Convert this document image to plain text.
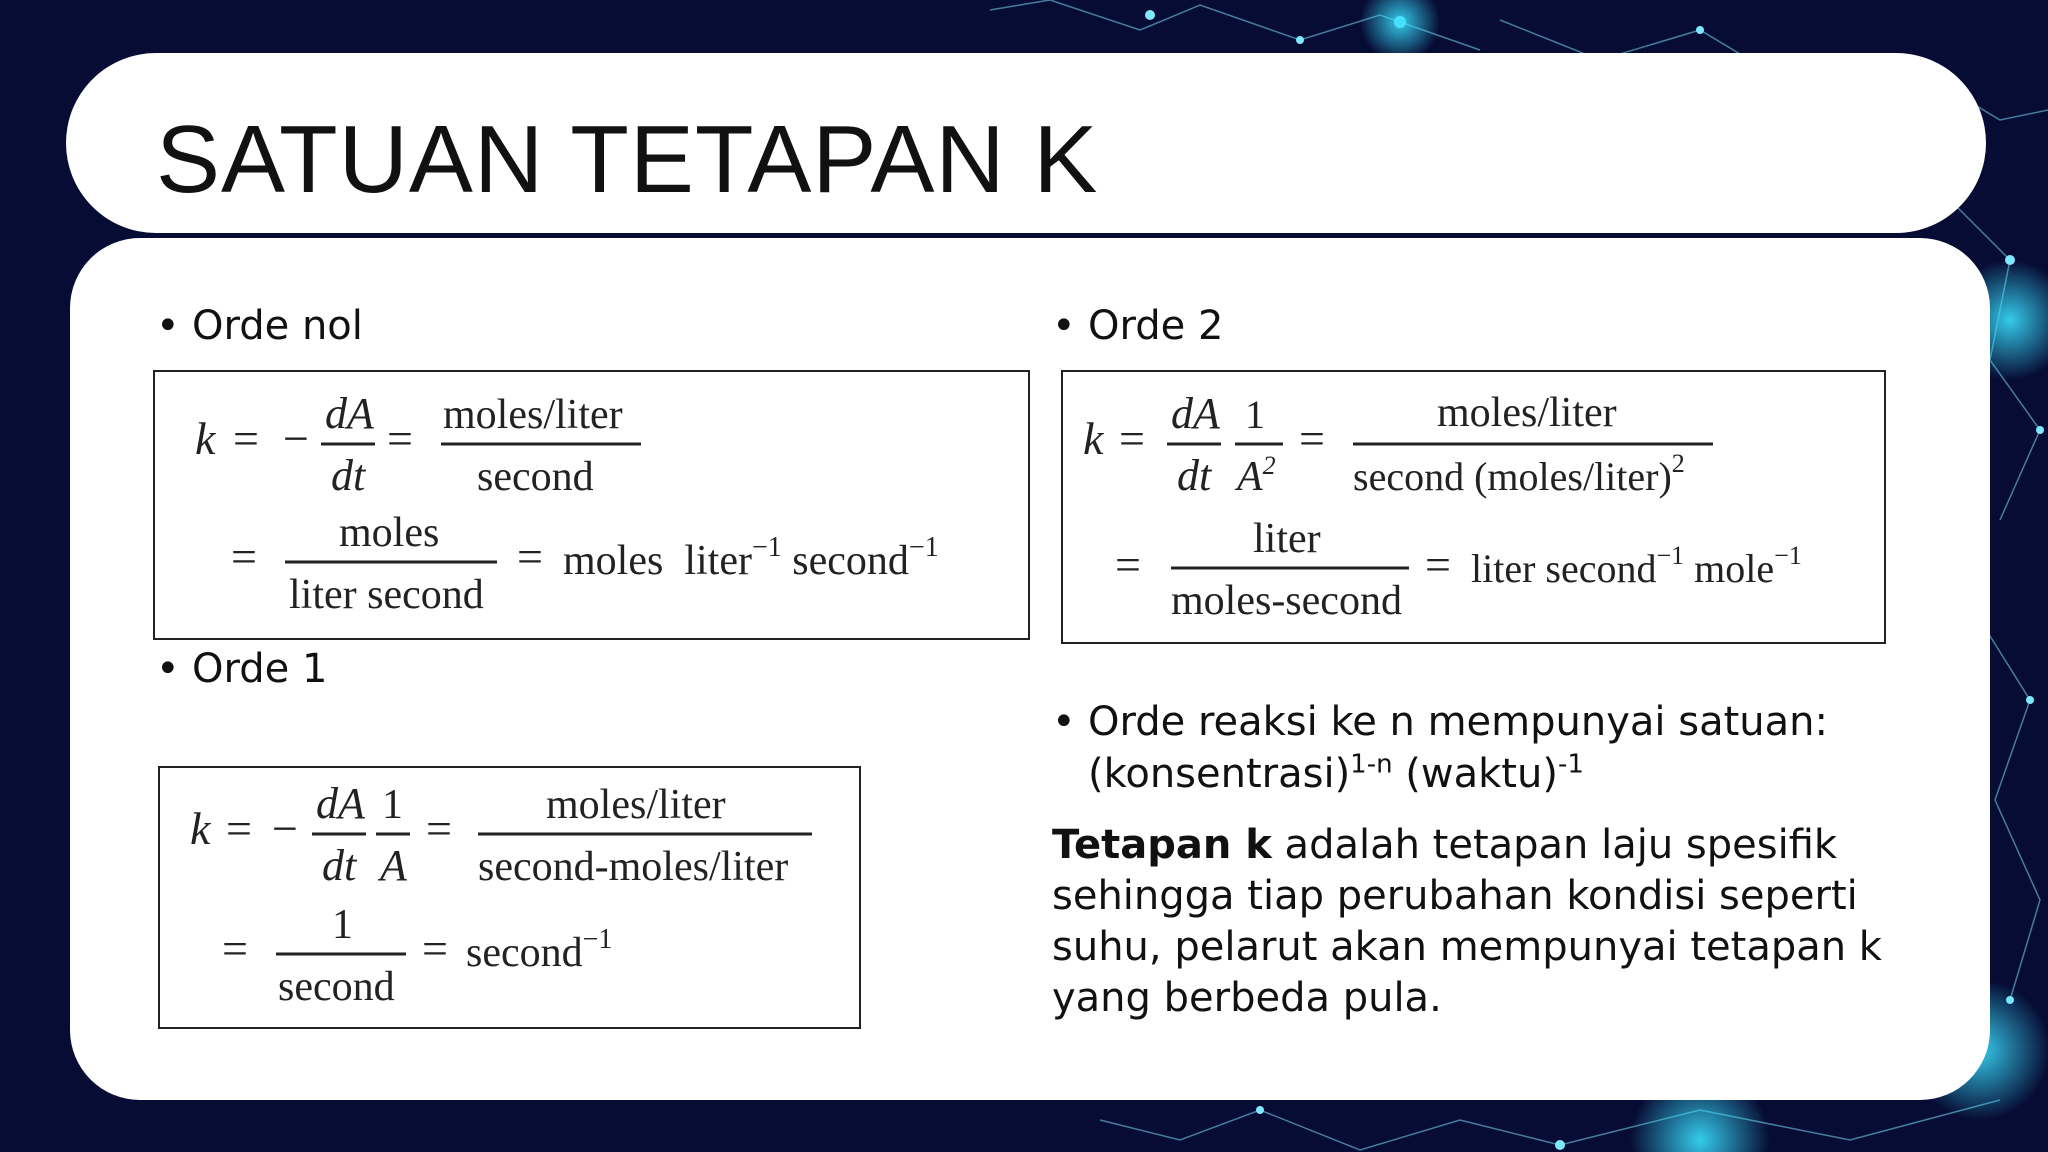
SATUAN TETAPAN K
• Orde nol
k = − dA
dt
= moles/liter
second
= moles
liter second
= moles  liter$^{-1}$ second$^{-1}$
• Orde 1
k = − dA
dt
1
A
= moles/liter
second-moles/liter
= 1
second
= second$^{-1}$
• Orde 2
k = dA
dt
1
$A^2$
=	moles/liter
second (moles/liter)$^2$
=	liter
moles-second
= liter second$^{-1}$ mole$^{-1}$
• Orde reaksi ke n mempunyai satuan:
(konsentrasi)$^{1-n}$ (waktu)$^{-1}$
Tetapan k adalah tetapan laju spesifik sehingga tiap perubahan kondisi seperti suhu, pelarut akan mempunyai tetapan k yang berbeda pula.
